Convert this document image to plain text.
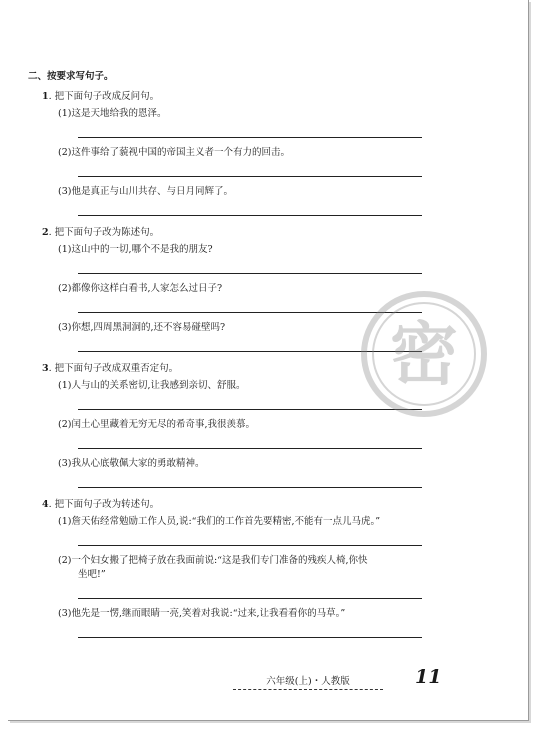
二、按要求写句子。
1. 把下面句子改成反问句。
(1)这是天地给我的恩泽。
(2)这件事给了藐视中国的帝国主义者一个有力的回击。
(3)他是真正与山川共存、与日月同辉了。
2. 把下面句子改为陈述句。
(1)这山中的一切,哪个不是我的朋友?
(2)都像你这样白看书,人家怎么过日子?
(3)你想,四周黑洞洞的,还不容易碰壁吗?
3. 把下面句子改成双重否定句。
(1)人与山的关系密切,让我感到亲切、舒服。
(2)闰土心里藏着无穷无尽的希奇事,我很羡慕。
(3)我从心底敬佩大家的勇敢精神。
4. 把下面句子改为转述句。
(1)詹天佑经常勉励工作人员,说:“我们的工作首先要精密,不能有一点儿马虎。”
(2)一个妇女搬了把椅子放在我面前说:“这是我们专门准备的残疾人椅,你快
坐吧!”
(3)他先是一愣,继而眼睛一亮,笑着对我说:“过来,让我看看你的马草。”
六年级(上)・人教版	11
密
